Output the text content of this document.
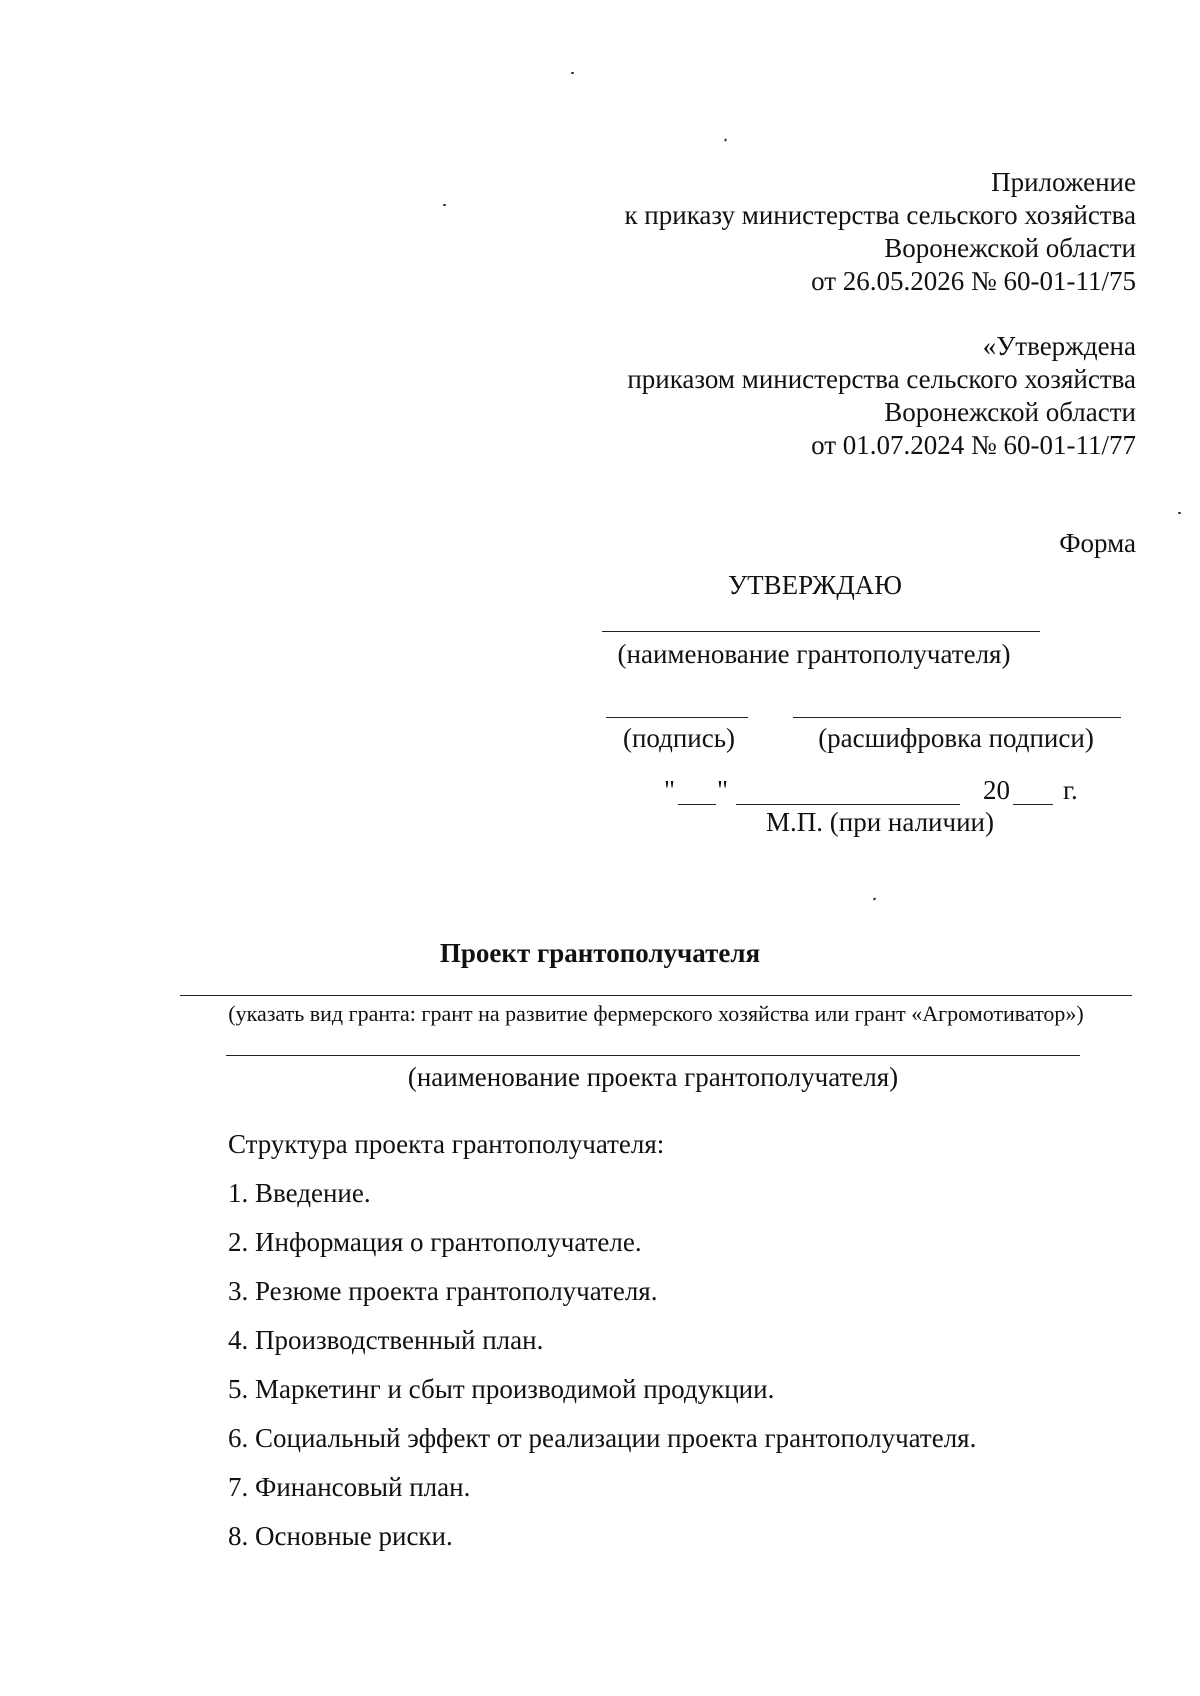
Приложение
к приказу министерства сельского хозяйства
Воронежской области
от 26.05.2026 № 60-01-11/75
«Утверждена
приказом министерства сельского хозяйства
Воронежской области
от 01.07.2024 № 60-01-11/77
Форма
УТВЕРЖДАЮ
(наименование грантополучателя)
(подпись)	(расшифровка подписи)
" "	20 г.
М.П. (при наличии)
Проект грантополучателя
(указать вид гранта: грант на развитие фермерского хозяйства или грант «Агромотиватор»)
(наименование проекта грантополучателя)
Структура проекта грантополучателя:
1. Введение.
2. Информация о грантополучателе.
3. Резюме проекта грантополучателя.
4. Производственный план.
5. Маркетинг и сбыт производимой продукции.
6. Социальный эффект от реализации проекта грантополучателя.
7. Финансовый план.
8. Основные риски.
